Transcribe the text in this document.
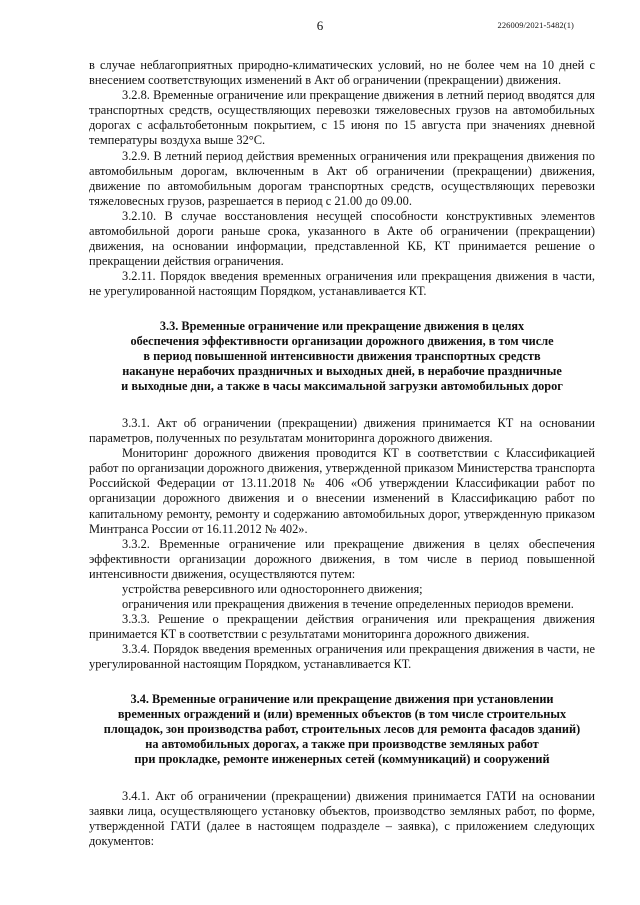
6	226009/2021-5482(1)

в случае неблагоприятных природно-климатических условий, но не более чем на 10 дней с внесением соответствующих изменений в Акт об ограничении (прекращении) движения.

3.2.8. Временные ограничение или прекращение движения в летний период вводятся для транспортных средств, осуществляющих перевозки тяжеловесных грузов на автомобильных дорогах с асфальтобетонным покрытием, с 15 июня по 15 августа при значениях дневной температуры воздуха выше 32°С.

3.2.9. В летний период действия временных ограничения или прекращения движения по автомобильным дорогам, включенным в Акт об ограничении (прекращении) движения, движение по автомобильным дорогам транспортных средств, осуществляющих перевозки тяжеловесных грузов, разрешается в период с 21.00 до 09.00.

3.2.10. В случае восстановления несущей способности конструктивных элементов автомобильной дороги раньше срока, указанного в Акте об ограничении (прекращении) движения, на основании информации, представленной КБ, КТ принимается решение о прекращении действия ограничения.

3.2.11. Порядок введения временных ограничения или прекращения движения в части, не урегулированной настоящим Порядком, устанавливается КТ.

3.3. Временные ограничение или прекращение движения в целях

обеспечения эффективности организации дорожного движения, в том числе

в период повышенной интенсивности движения транспортных средств

накануне нерабочих праздничных и выходных дней, в нерабочие праздничные

и выходные дни, а также в часы максимальной загрузки автомобильных дорог

3.3.1. Акт об ограничении (прекращении) движения принимается КТ на основании параметров, полученных по результатам мониторинга дорожного движения.

Мониторинг дорожного движения проводится КТ в соответствии с Классификацией работ по организации дорожного движения, утвержденной приказом Министерства транспорта Российской Федерации от 13.11.2018 № 406 «Об утверждении Классификации работ по организации дорожного движения и о внесении изменений в Классификацию работ по капитальному ремонту, ремонту и содержанию автомобильных дорог, утвержденную приказом Минтранса России от 16.11.2012 № 402».

3.3.2. Временные ограничение или прекращение движения в целях обеспечения эффективности организации дорожного движения, в том числе в период повышенной интенсивности движения, осуществляются путем:

устройства реверсивного или одностороннего движения;

ограничения или прекращения движения в течение определенных периодов времени.

3.3.3. Решение о прекращении действия ограничения или прекращения движения принимается КТ в соответствии с результатами мониторинга дорожного движения.

3.3.4. Порядок введения временных ограничения или прекращения движения в части, не урегулированной настоящим Порядком, устанавливается КТ.

3.4. Временные ограничение или прекращение движения при установлении

временных ограждений и (или) временных объектов (в том числе строительных

площадок, зон производства работ, строительных лесов для ремонта фасадов зданий)

на автомобильных дорогах, а также при производстве земляных работ

при прокладке, ремонте инженерных сетей (коммуникаций) и сооружений

3.4.1. Акт об ограничении (прекращении) движения принимается ГАТИ на основании заявки лица, осуществляющего установку объектов, производство земляных работ, по форме, утвержденной ГАТИ (далее в настоящем подразделе – заявка), с приложением следующих документов:
